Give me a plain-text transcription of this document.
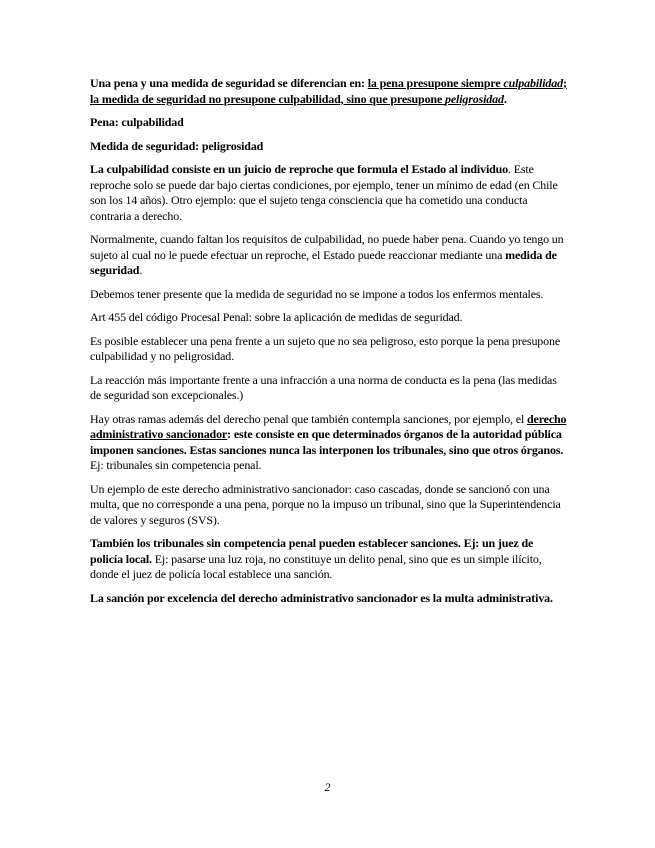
Una pena y una medida de seguridad se diferencian en: la pena presupone siempre culpabilidad; la medida de seguridad no presupone culpabilidad, sino que presupone peligrosidad.

Pena: culpabilidad

Medida de seguridad: peligrosidad

La culpabilidad consiste en un juicio de reproche que formula el Estado al individuo. Este reproche solo se puede dar bajo ciertas condiciones, por ejemplo, tener un mínimo de edad (en Chile son los 14 años). Otro ejemplo: que el sujeto tenga consciencia que ha cometido una conducta contraria a derecho.

Normalmente, cuando faltan los requisitos de culpabilidad, no puede haber pena. Cuando yo tengo un sujeto al cual no le puede efectuar un reproche, el Estado puede reaccionar mediante una medida de seguridad.

Debemos tener presente que la medida de seguridad no se impone a todos los enfermos mentales.

Art 455 del código Procesal Penal: sobre la aplicación de medidas de seguridad.

Es posible establecer una pena frente a un sujeto que no sea peligroso, esto porque la pena presupone culpabilidad y no peligrosidad.

La reacción más importante frente a una infracción a una norma de conducta es la pena (las medidas de seguridad son excepcionales.)

Hay otras ramas además del derecho penal que también contempla sanciones, por ejemplo, el derecho administrativo sancionador: este consiste en que determinados órganos de la autoridad pública imponen sanciones. Estas sanciones nunca las interponen los tribunales, sino que otros órganos. Ej: tribunales sin competencia penal.

Un ejemplo de este derecho administrativo sancionador: caso cascadas, donde se sancionó con una multa, que no corresponde a una pena, porque no la impuso un tribunal, sino que la Superintendencia de valores y seguros (SVS).

También los tribunales sin competencia penal pueden establecer sanciones. Ej: un juez de policía local. Ej: pasarse una luz roja, no constituye un delito penal, sino que es un simple ilícito, donde el juez de policía local establece una sanción.

La sanción por excelencia del derecho administrativo sancionador es la multa administrativa.

2
